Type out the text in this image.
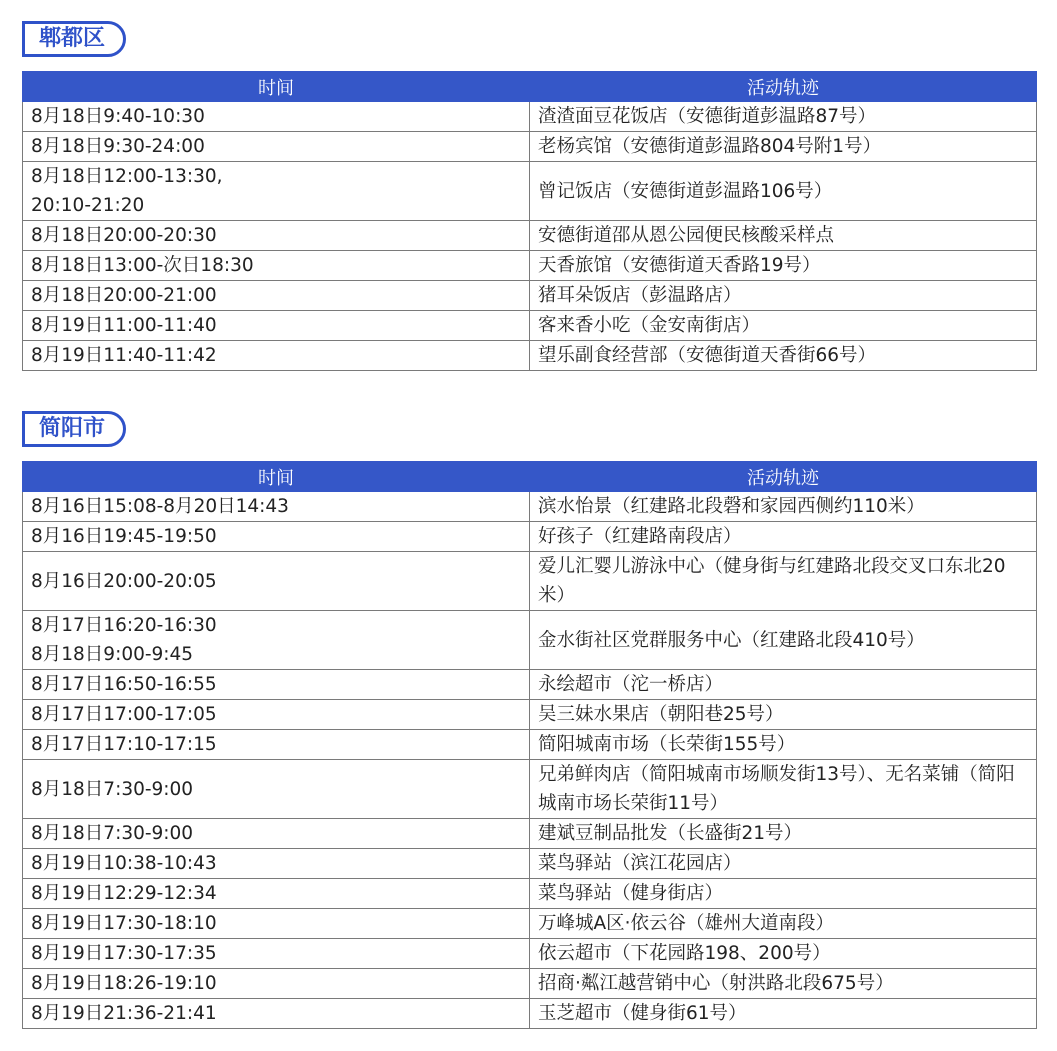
郫都区
时间	活动轨迹
8月18日9:40-10:30	渣渣面豆花饭店（安德街道彭温路87号）
8月18日9:30-24:00	老杨宾馆（安德街道彭温路804号附1号）

8月18日12:00-13:30,
20:10-21:20	曾记饭店（安德街道彭温路106号）
8月18日20:00-20:30	安德街道邵从恩公园便民核酸采样点
8月18日13:00-次日18:30	天香旅馆（安德街道天香路19号）
8月18日20:00-21:00	猪耳朵饭店（彭温路店）
8月19日11:00-11:40	客来香小吃（金安南街店）
8月19日11:40-11:42	望乐副食经营部（安德街道天香街66号）
简阳市
时间	活动轨迹
8月16日15:08-8月20日14:43	滨水怡景（红建路北段磬和家园西侧约110米）
8月16日19:45-19:50	好孩子（红建路南段店）
8月16日20:00-20:05	爱儿汇婴儿游泳中心（健身街与红建路北段交叉口东北20米）

8月17日16:20-16:30
8月18日9:00-9:45	金水街社区党群服务中心（红建路北段410号）
8月17日16:50-16:55	永绘超市（沱一桥店）
8月17日17:00-17:05	吴三妹水果店（朝阳巷25号）
8月17日17:10-17:15	简阳城南市场（长荣街155号）
8月18日7:30-9:00	兄弟鲜肉店（简阳城南市场顺发街13号）、无名菜铺（简阳城南市场长荣街11号）
8月18日7:30-9:00	建斌豆制品批发（长盛街21号）
8月19日10:38-10:43	菜鸟驿站（滨江花园店）
8月19日12:29-12:34	菜鸟驿站（健身街店）
8月19日17:30-18:10	万峰城A区·依云谷（雄州大道南段）
8月19日17:30-17:35	依云超市（下花园路198、200号）
8月19日18:26-19:10	招商·粼江越营销中心（射洪路北段675号）
8月19日21:36-21:41	玉芝超市（健身街61号）
